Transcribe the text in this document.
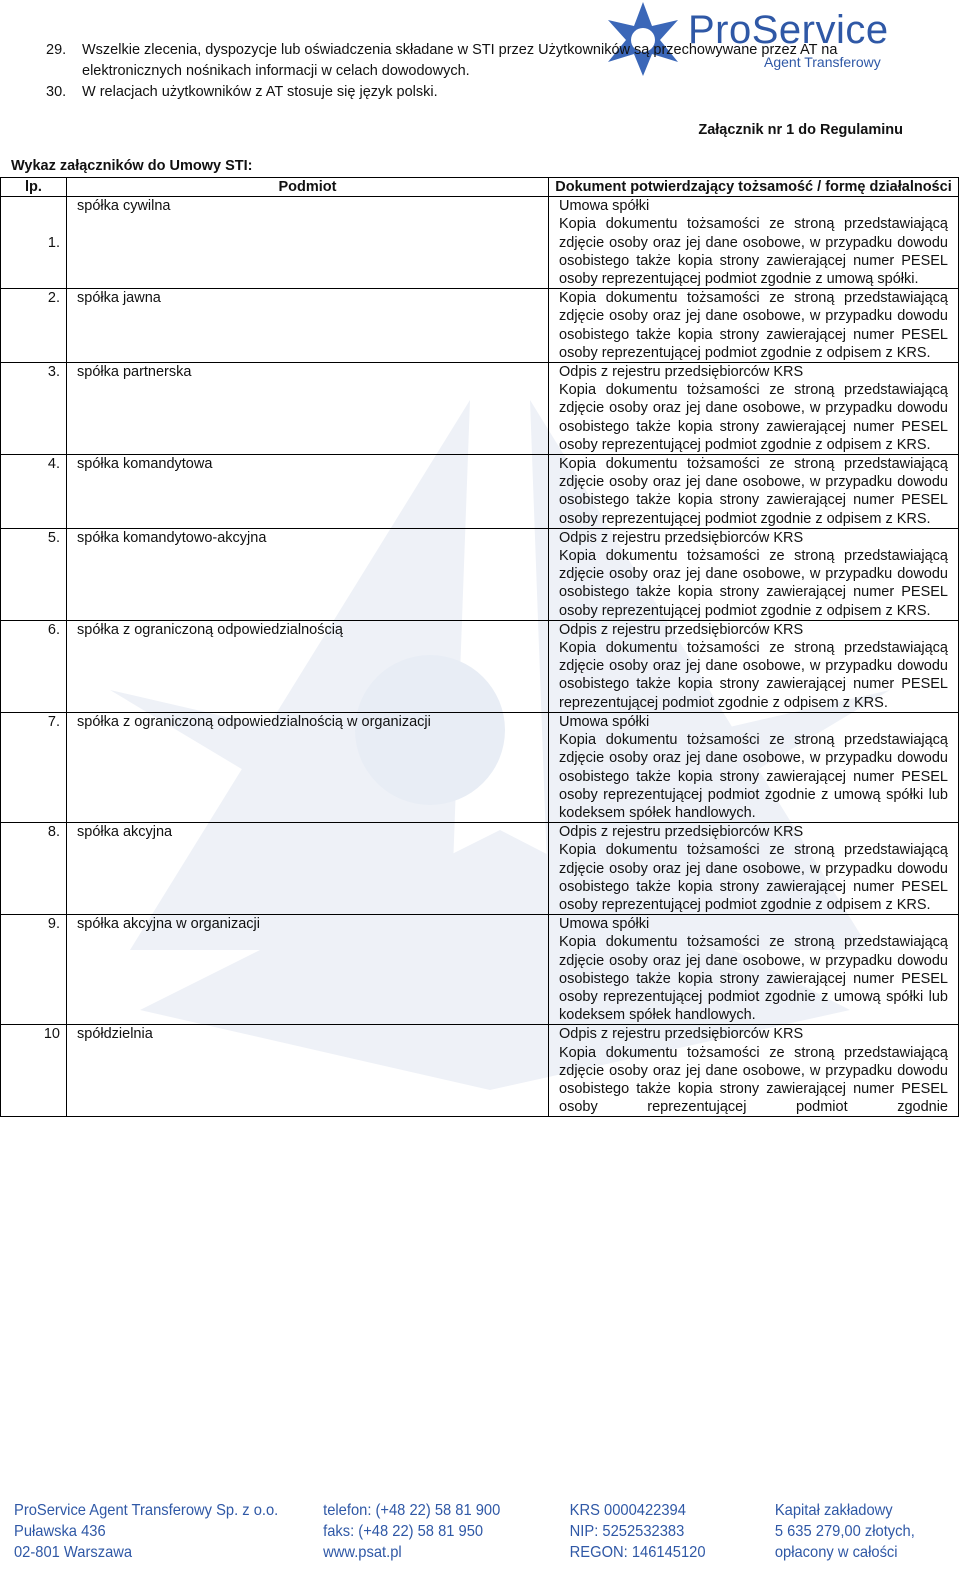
ProService
Agent Transferowy
29.	Wszelkie zlecenia, dyspozycje lub oświadczenia składane w STI przez Użytkowników są przechowywane przez AT na elektronicznych nośnikach informacji w celach dowodowych.
30.	W relacjach użytkowników z AT stosuje się język polski.
Załącznik nr 1 do Regulaminu
Wykaz załączników do Umowy STI:
lp.	Podmiot	Dokument potwierdzający tożsamość / formę działalności
1.	spółka cywilna	Umowa spółki
Kopia dokumentu tożsamości ze stroną przedstawiającą zdjęcie osoby oraz jej dane osobowe, w przypadku dowodu osobistego także kopia strony zawierającej numer PESEL osoby reprezentującej podmiot zgodnie z umową spółki.

2.	spółka jawna	Kopia dokumentu tożsamości ze stroną przedstawiającą zdjęcie osoby oraz jej dane osobowe, w przypadku dowodu osobistego także kopia strony zawierającej numer PESEL osoby reprezentującej podmiot zgodnie z odpisem z KRS.

3.	spółka partnerska	Odpis z rejestru przedsiębiorców KRS
Kopia dokumentu tożsamości ze stroną przedstawiającą zdjęcie osoby oraz jej dane osobowe, w przypadku dowodu osobistego także kopia strony zawierającej numer PESEL osoby reprezentującej podmiot zgodnie z odpisem z KRS.

4.	spółka komandytowa	Kopia dokumentu tożsamości ze stroną przedstawiającą zdjęcie osoby oraz jej dane osobowe, w przypadku dowodu osobistego także kopia strony zawierającej numer PESEL osoby reprezentującej podmiot zgodnie z odpisem z KRS.

5.	spółka komandytowo-akcyjna	Odpis z rejestru przedsiębiorców KRS
Kopia dokumentu tożsamości ze stroną przedstawiającą zdjęcie osoby oraz jej dane osobowe, w przypadku dowodu osobistego także kopia strony zawierającej numer PESEL osoby reprezentującej podmiot zgodnie z odpisem z KRS.

6.	spółka z ograniczoną odpowiedzialnością	Odpis z rejestru przedsiębiorców KRS
Kopia dokumentu tożsamości ze stroną przedstawiającą zdjęcie osoby oraz jej dane osobowe, w przypadku dowodu osobistego także kopia strony zawierającej numer PESEL reprezentującej podmiot zgodnie z odpisem z KRS.

7.	spółka z ograniczoną odpowiedzialnością w organizacji	Umowa spółki
Kopia dokumentu tożsamości ze stroną przedstawiającą zdjęcie osoby oraz jej dane osobowe, w przypadku dowodu osobistego także kopia strony zawierającej numer PESEL osoby reprezentującej podmiot zgodnie z umową spółki lub kodeksem spółek handlowych.

8.	spółka akcyjna	Odpis z rejestru przedsiębiorców KRS
Kopia dokumentu tożsamości ze stroną przedstawiającą zdjęcie osoby oraz jej dane osobowe, w przypadku dowodu osobistego także kopia strony zawierającej numer PESEL osoby reprezentującej podmiot zgodnie z odpisem z KRS.

9.	spółka akcyjna w organizacji	Umowa spółki
Kopia dokumentu tożsamości ze stroną przedstawiającą zdjęcie osoby oraz jej dane osobowe, w przypadku dowodu osobistego także kopia strony zawierającej numer PESEL osoby reprezentującej podmiot zgodnie z umową spółki lub kodeksem spółek handlowych.

10	spółdzielnia	Odpis z rejestru przedsiębiorców KRS
Kopia dokumentu tożsamości ze stroną przedstawiającą zdjęcie osoby oraz jej dane osobowe, w przypadku dowodu osobistego także kopia strony zawierającej numer PESEL osoby reprezentującej podmiot zgodnie
ProService Agent Transferowy Sp. z o.o.
Puławska 436
02-801 Warszawa
telefon: (+48 22) 58 81 900
faks: (+48 22) 58 81 950
www.psat.pl
KRS 0000422394
NIP: 5252532383
REGON: 146145120
Kapitał zakładowy
5 635 279,00 złotych,
opłacony w całości
